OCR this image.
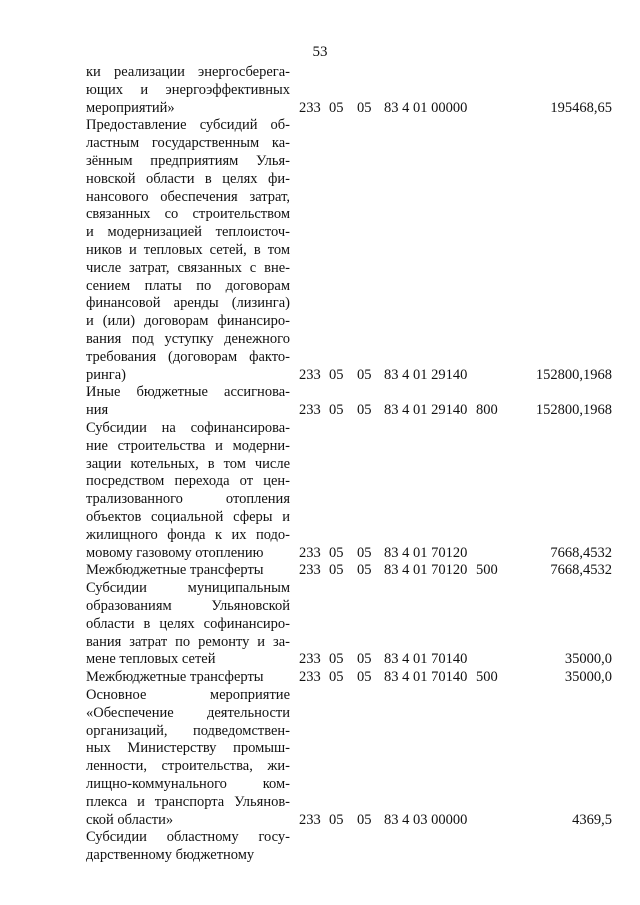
53
ки реализации энергосберега-
ющих и энергоэффективных
мероприятий»	233 05 05 83 4 01 00000	195468,65
Предоставление субсидий об-
ластным государственным ка-
зённым предприятиям Улья-
новской области в целях фи-
нансового обеспечения затрат,
связанных со строительством
и модернизацией теплоисточ-
ников и тепловых сетей, в том
числе затрат, связанных с вне-
сением платы по договорам
финансовой аренды (лизинга)
и (или) договорам финансиро-
вания под уступку денежного
требования (договорам факто-
ринга)	233 05 05 83 4 01 29140	152800,1968
Иные бюджетные ассигнова-
ния	233 05 05 83 4 01 29140 800	152800,1968
Субсидии на софинансирова-
ние строительства и модерни-
зации котельных, в том числе
посредством перехода от цен-
трализованного отопления
объектов социальной сферы и
жилищного фонда к их подо-
мовому газовому отоплению	233 05 05 83 4 01 70120	7668,4532
Межбюджетные трансферты	233 05 05 83 4 01 70120 500	7668,4532
Субсидии муниципальным
образованиям Ульяновской
области в целях софинансиро-
вания затрат по ремонту и за-
мене тепловых сетей	233 05 05 83 4 01 70140	35000,0
Межбюджетные трансферты	233 05 05 83 4 01 70140 500	35000,0
Основное мероприятие
«Обеспечение деятельности
организаций, подведомствен-
ных Министерству промыш-
ленности, строительства, жи-
лищно-коммунального ком-
плекса и транспорта Ульянов-
ской области»	233 05 05 83 4 03 00000	4369,5
Субсидии областному госу-
дарственному бюджетному
